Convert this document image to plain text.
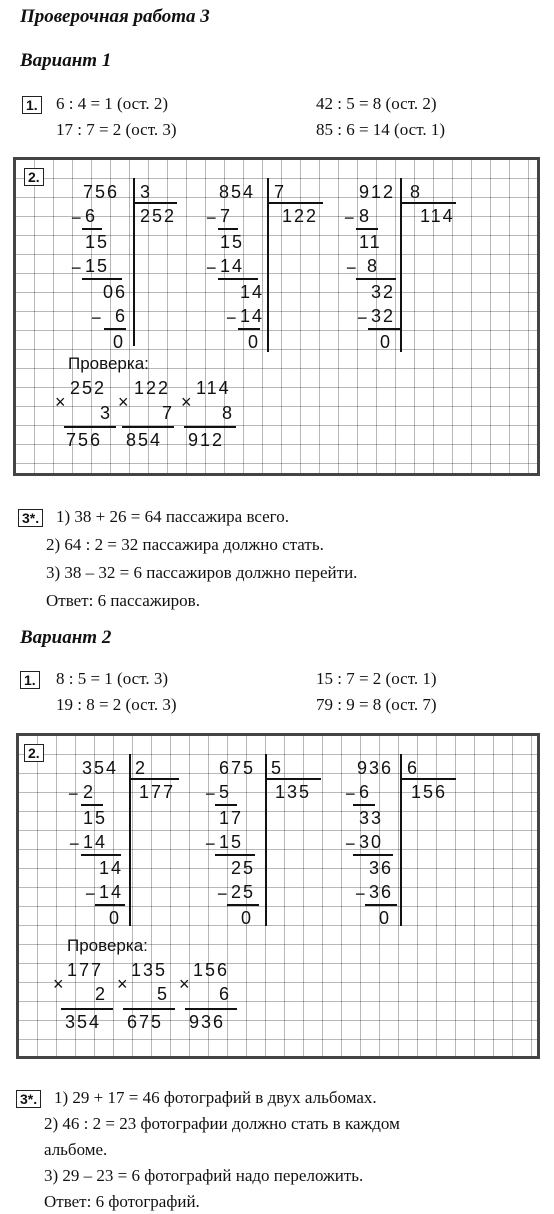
Проверочная работа 3
Вариант 1
1. 6 : 4 = 1 (ост. 2)
17 : 7 = 2 (ост. 3)
42 : 5 = 8 (ост. 2)
85 : 6 = 14 (ост. 1)
2.
756 3
252
− 6
15
− 15
06
− 6
0
854 7
122
− 7
15
− 14
14
− 14
0
912 8
114
− 8
11
− 8
32
− 32
0
Проверка:
252
×
3
756
122
×
7
854
114
×
8
912
3*. 1) 38 + 26 = 64 пассажира всего.
2) 64 : 2 = 32 пассажира должно стать.
3) 38 – 32 = 6 пассажиров должно перейти.
Ответ: 6 пассажиров.
Вариант 2
1. 8 : 5 = 1 (ост. 3)
19 : 8 = 2 (ост. 3)
15 : 7 = 2 (ост. 1)
79 : 9 = 8 (ост. 7)
2.
354 2
177
− 2
15
− 14
14
− 14
0
675 5
135
− 5
17
− 15
25
− 25
0
936 6
156
− 6
33
− 30
36
− 36
0
Проверка:
177
× 2
354
135
× 5
675
156
× 6
936
3*. 1) 29 + 17 = 46 фотографий в двух альбомах.
2) 46 : 2 = 23 фотографии должно стать в каждом
альбоме.
3) 29 – 23 = 6 фотографий надо переложить.
Ответ: 6 фотографий.
